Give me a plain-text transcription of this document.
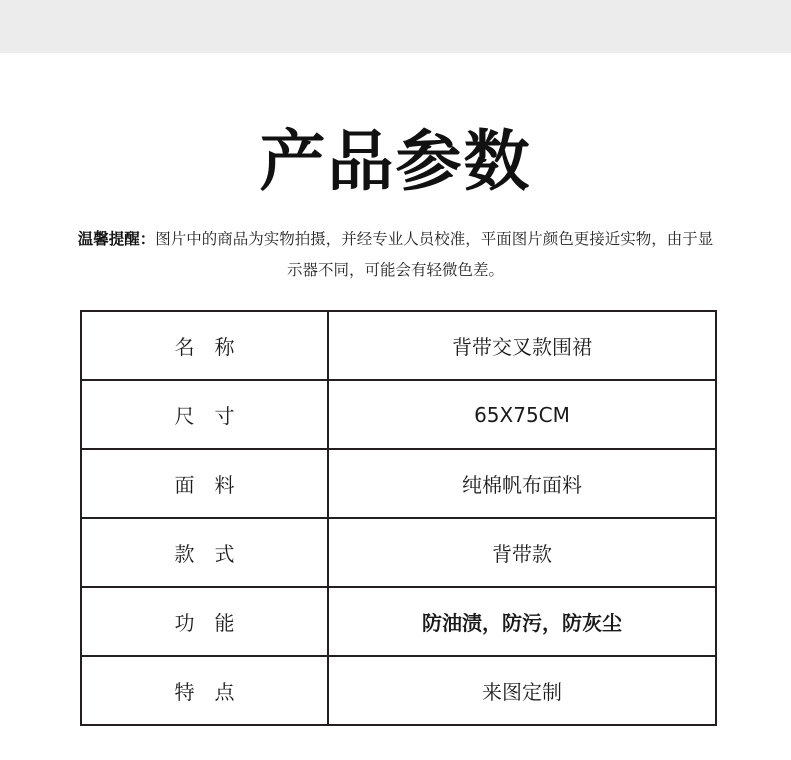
产品参数
温馨提醒：图片中的商品为实物拍摄，并经专业人员校准，平面图片颜色更接近实物，由于显示器不同，可能会有轻微色差。
名称	背带交叉款围裙
尺寸	65X75CM
面料	纯棉帆布面料
款式	背带款
功能	防油渍，防污，防灰尘
特点	来图定制
